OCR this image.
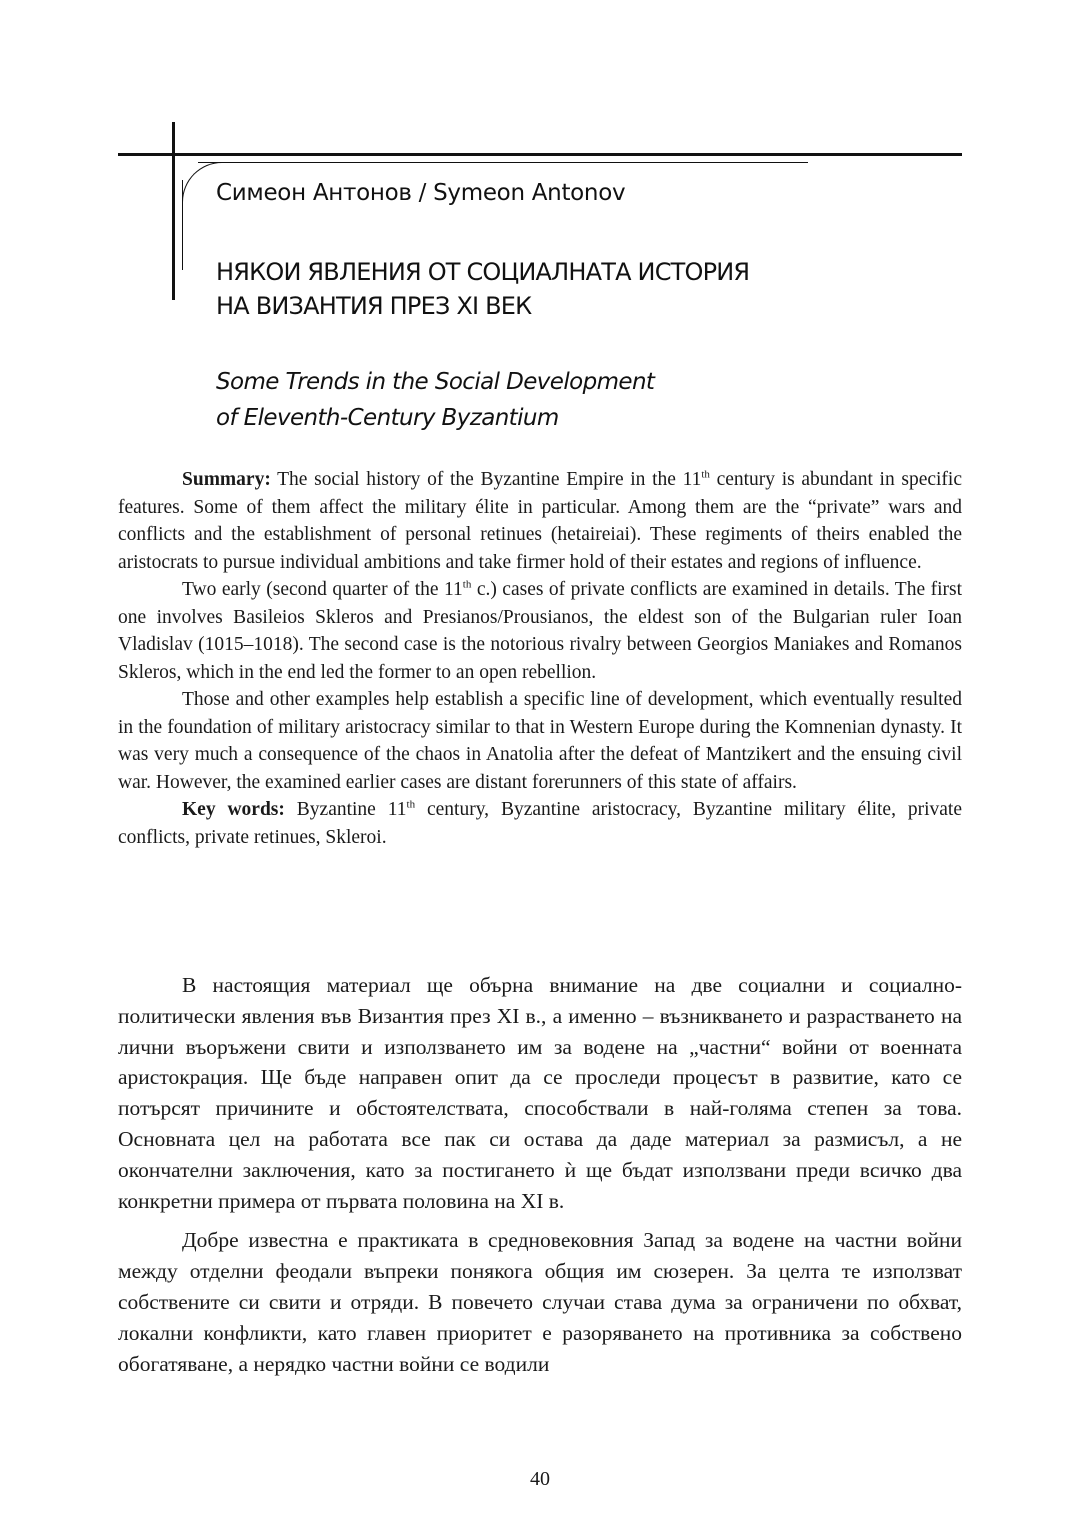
Симеон Антонов / Symeon Antonov
НЯКОИ ЯВЛЕНИЯ ОТ СОЦИАЛНАТА ИСТОРИЯ
НА ВИЗАНТИЯ ПРЕЗ XI ВЕК
Some Trends in the Social Development
of Eleventh-Century Byzantium

Summary: The social history of the Byzantine Empire in the 11th century is abundant in specific features. Some of them affect the military élite in particular. Among them are the “private” wars and conflicts and the establishment of personal retinues (hetaireiai). These regiments of theirs enabled the aristocrats to pursue individual ambitions and take firmer hold of their estates and regions of influence.

Two early (second quarter of the 11th c.) cases of private conflicts are examined in details. The first one involves Basileios Skleros and Presianos/Prousianos, the eldest son of the Bulgarian ruler Ioan Vladislav (1015–1018). The second case is the notorious rivalry between Georgios Maniakes and Romanos Skleros, which in the end led the former to an open rebellion.

Those and other examples help establish a specific line of development, which eventually resulted in the foundation of military aristocracy similar to that in Western Europe during the Komnenian dynasty. It was very much a consequence of the chaos in Anatolia after the defeat of Mantzikert and the ensuing civil war. However, the examined earlier cases are distant forerunners of this state of affairs.

Key words: Byzantine 11th century, Byzantine aristocracy, Byzantine military élite, private conflicts, private retinues, Skleroi.

В настоящия материал ще обърна внимание на две социални и социално-политически явления във Византия през XI в., а именно – възникването и разрастването на лични въоръжени свити и използването им за водене на „частни“ войни от военната аристокрация. Ще бъде направен опит да се проследи процесът в развитие, като се потърсят причините и обстоятелствата, способствали в най-голяма степен за това. Основната цел на работата все пак си остава да даде материал за размисъл, а не окончателни заключения, като за постигането ѝ ще бъдат използвани преди всичко два конкретни примера от първата половина на XI в.

Добре известна е практиката в средновековния Запад за водене на частни войни между отделни феодали въпреки понякога общия им сюзерен. За целта те използват собствените си свити и отряди. В повечето случаи става дума за ограничени по обхват, локални конфликти, като главен приоритет е разоряването на противника за собствено обогатяване, а нерядко частни войни се водили

40
